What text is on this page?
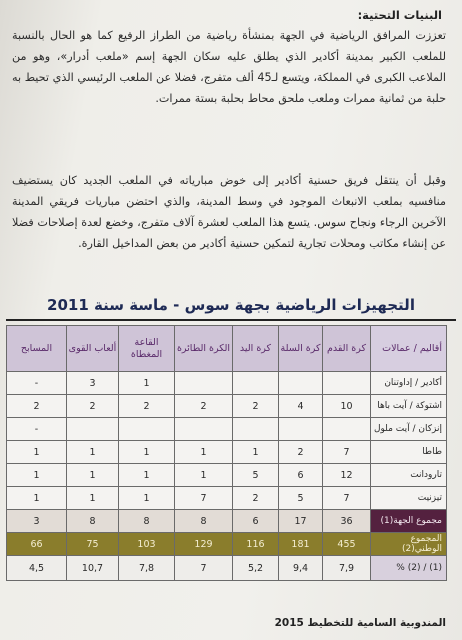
البنيات التحتية:

تعززت المرافق الرياضية في الجهة بمنشأة رياضية من الطراز الرفيع كما هو الحال بالنسبة للملعب الكبير بمدينة أكادير الذي يطلق عليه سكان الجهة إسم «ملعب أدرار»، وهو من الملاعب الكبرى في المملكة، ويتسع لـ45 ألف متفرج، فضلا عن الملعب الرئيسي الذي تحيط به حلبة من ثمانية ممرات وملعب ملحق محاط بحلبة بستة ممرات.

وقبل أن ينتقل فريق حسنية أكادير إلى خوض مبارياته في الملعب الجديد كان يستضيف منافسيه بملعب الانبعاث الموجود في وسط المدينة، والذي احتضن مباريات فريقي المدينة الآخرين الرجاء ونجاح سوس. يتسع هذا الملعب لعشرة آلاف متفرج، وخضع لعدة إصلاحات فضلا عن إنشاء مكاتب ومحلات تجارية لتمكين حسنية أكادير من بعض المداخيل القارة.

التجهيزات الرياضية بجهة سوس - ماسة سنة 2011
أقاليم / عمالات	كرة القدم	كرة السلة	كرة اليد	الكرة الطائرة	القاعة المغطاة	ألعاب القوى	المسابح
أكادير / إداوتنان					1	3	-
اشتوكة / آيت باها	10	4	2	2	2	2	2
إنزكان / آيت ملول							-
طاطا	7	2	1	1	1	1	1
تارودانت	12	6	5	1	1	1	1
تيزنيت	7	5	2	7	1	1	1
مجموع الجهة(1)	36	17	6	8	8	8	3
المجموع الوطني(2)	455	181	116	129	103	75	66
(1) / (2) %	7,9	9,4	5,2	7	7,8	10,7	4,5
المندوبية السامية للتخطيط 2015
